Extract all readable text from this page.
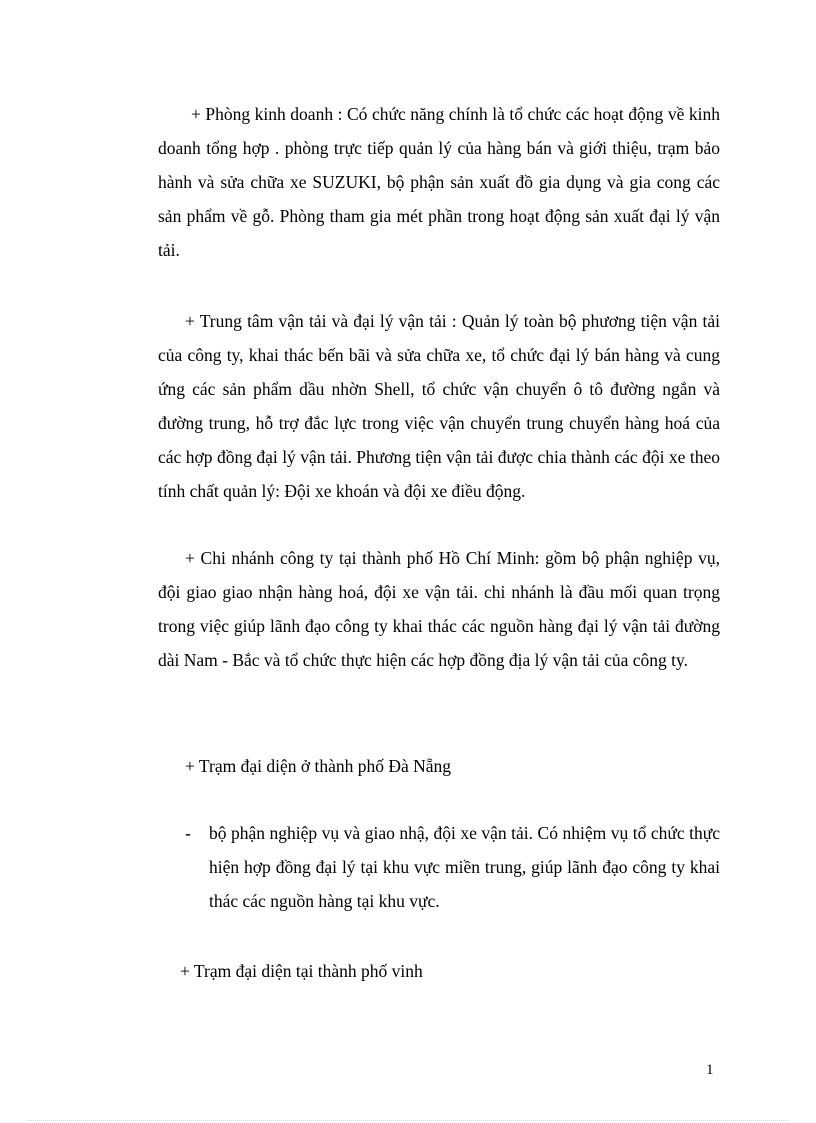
+ Phòng kinh doanh : Có chức năng chính là tổ chức các hoạt động về kinh doanh tổng hợp . phòng trực tiếp quản lý của hàng bán và giới thiệu, trạm bảo hành và sửa chữa xe SUZUKI, bộ phận sản xuất đồ gia dụng và gia cong các sản phẩm về gỗ. Phòng tham gia mét phần trong hoạt động sản xuất đại lý vận tải.

+ Trung tâm vận tải và đại lý vận tải : Quản lý toàn bộ phương tiện vận tải của công ty, khai thác bến bãi và sửa chữa xe, tổ chức đại lý bán hàng và cung ứng các sản phẩm dầu nhờn Shell, tổ chức vận chuyển ô tô đường ngắn và đường trung, hỗ trợ đắc lực trong việc vận chuyển trung chuyển hàng hoá của các hợp đồng đại lý vận tải. Phương tiện vận tải được chia thành các đội xe theo tính chất quản lý: Đội xe khoán và đội xe điều động.

+ Chi nhánh công ty tại thành phố Hồ Chí Minh: gồm bộ phận nghiệp vụ, đội giao giao nhận hàng hoá, đội xe vận tải. chi nhánh là đầu mối quan trọng trong việc giúp lãnh đạo công ty khai thác các nguồn hàng đại lý vận tải đường dài Nam - Bắc và tổ chức thực hiện các hợp đồng địa lý vận tải của công ty.

+ Trạm đại diện ở thành phố Đà Nẵng

- bộ phận nghiệp vụ và giao nhậ, đội xe vận tải. Có nhiệm vụ tổ chức thực hiện hợp đồng đại lý tại khu vực miền trung, giúp lãnh đạo công ty khai thác các nguồn hàng tại khu vực.

+ Trạm đại diện tại thành phố vinh

1
